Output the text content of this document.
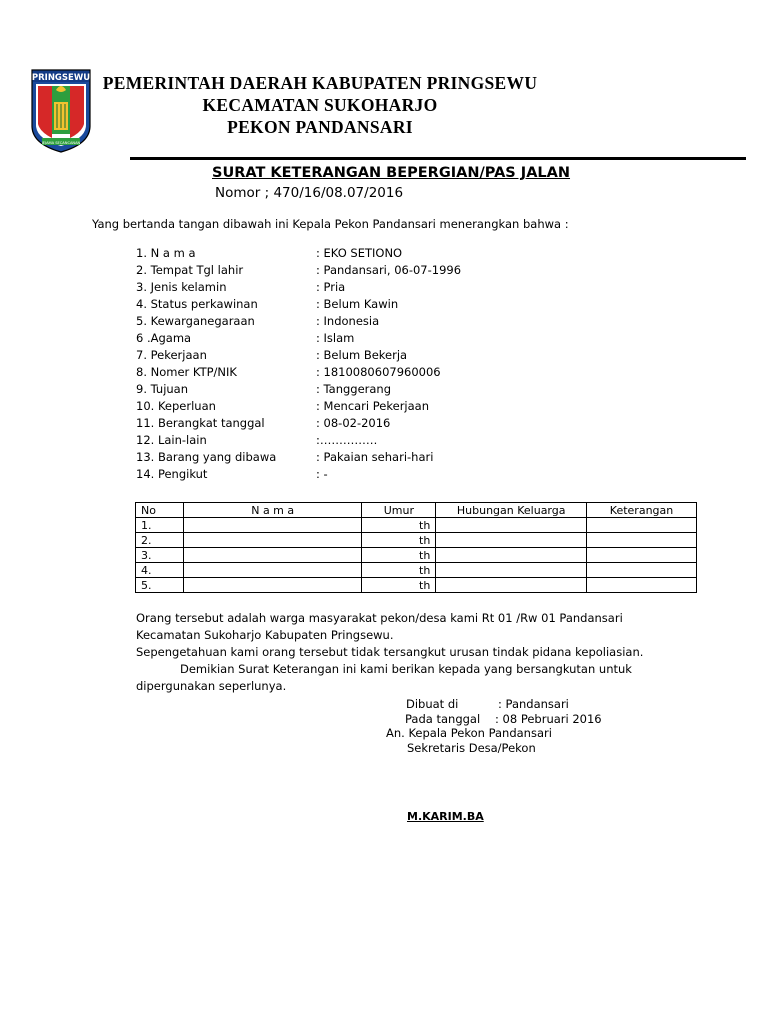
PRINGSEWU
JEJAMA SECANCANAN
PEMERINTAH DAERAH KABUPATEN PRINGSEWU
KECAMATAN SUKOHARJO
PEKON PANDANSARI
SURAT KETERANGAN BEPERGIAN/PAS JALAN
Nomor ; 470/16/08.07/2016
Yang bertanda tangan dibawah ini Kepala Pekon Pandansari menerangkan bahwa :
1. N a m a	: EKO SETIONO
2. Tempat Tgl lahir	: Pandansari, 06-07-1996
3. Jenis kelamin	: Pria
4. Status perkawinan	: Belum Kawin
5. Kewarganegaraan	: Indonesia
6 .Agama	: Islam
7. Pekerjaan	: Belum Bekerja
8. Nomer KTP/NIK	: 1810080607960006
9. Tujuan	: Tanggerang
10. Keperluan	: Mencari Pekerjaan
11. Berangkat tanggal	: 08-02-2016
12. Lain-lain	:……………
13. Barang yang dibawa	: Pakaian sehari-hari
14. Pengikut	: -
No	N a m a	Umur	Hubungan Keluarga	Keterangan
1.		th		
2.		th		
3.		th		
4.		th		
5.		th		
Orang tersebut adalah warga masyarakat pekon/desa kami Rt 01 /Rw 01 Pandansari
Kecamatan Sukoharjo Kabupaten Pringsewu.
Sepengetahuan kami orang tersebut tidak tersangkut urusan tindak pidana kepoliasian.
Demikian Surat Keterangan ini kami berikan kepada yang bersangkutan untuk
dipergunakan seperlunya.
Dibuat di	: Pandansari
Pada tanggal : 08 Pebruari 2016
An. Kepala Pekon Pandansari
Sekretaris Desa/Pekon
M.KARIM.BA
